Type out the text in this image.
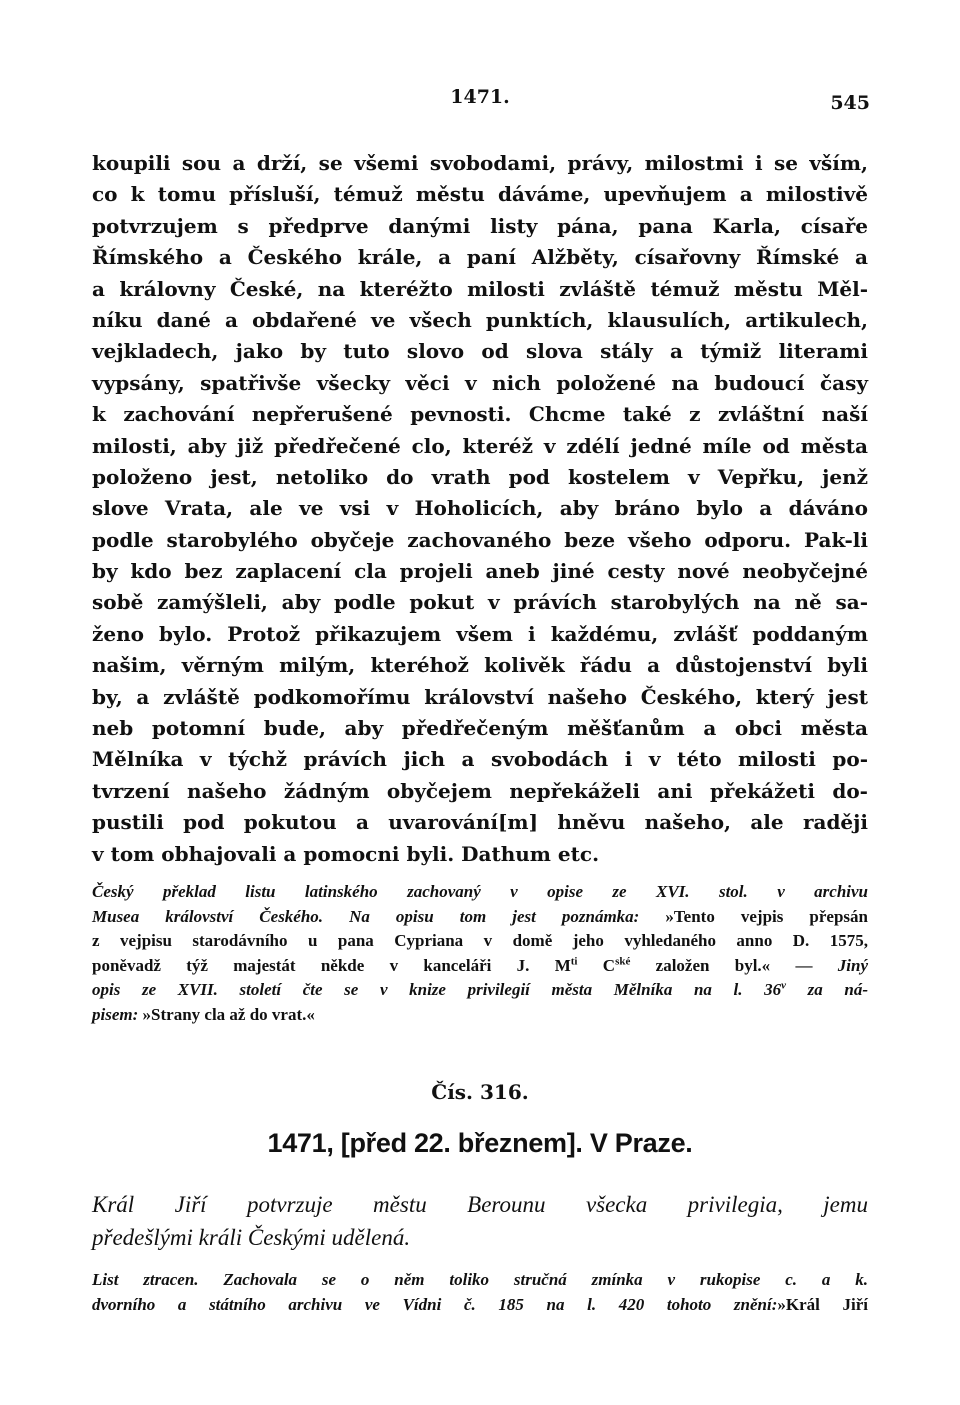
1471.	545
koupili sou a drží, se všemi svobodami, právy, milostmi i se vším,
co k tomu přísluší, témuž městu dáváme, upevňujem a milostivě
potvrzujem s předprve danými listy pána, pana Karla, císaře
Římského a Českého krále, a paní Alžběty, císařovny Římské a
a královny České, na kteréžto milosti zvláště témuž městu Měl-
níku dané a obdařené ve všech punktích, klausulích, artikulech,
vejkladech, jako by tuto slovo od slova stály a týmiž literami
vypsány, spatřivše všecky věci v nich položené na budoucí časy
k zachování nepřerušené pevnosti. Chcme také z zvláštní naší
milosti, aby již předřečené clo, kteréž v zdélí jedné míle od města
položeno jest, netoliko do vrath pod kostelem v Vepřku, jenž
slove Vrata, ale ve vsi v Hoholicích, aby bráno bylo a dáváno
podle starobylého obyčeje zachovaného beze všeho odporu. Pak-li
by kdo bez zaplacení cla projeli aneb jiné cesty nové neobyčejné
sobě zamýšleli, aby podle pokut v právích starobylých na ně sa-
ženo bylo. Protož přikazujem všem i každému, zvlášť poddaným
našim, věrným milým, kteréhož kolivěk řádu a důstojenství byli
by, a zvláště podkomořímu království našeho Českého, který jest
neb potomní bude, aby předřečeným měšťanům a obci města
Mělníka v týchž právích jich a svobodách i v této milosti po-
tvrzení našeho žádným obyčejem nepřekáželi ani překážeti do-
pustili pod pokutou a uvarování[m] hněvu našeho, ale raději
v tom obhajovali a pomocni byli. Dathum etc.
Český překlad listu latinského zachovaný v opise ze XVI. stol. v archivu
Musea království Českého. Na opisu tom jest poznámka: »Tento vejpis přepsán
z vejpisu starodávního u pana Cypriana v domě jeho vyhledaného anno D. 1575,
poněvadž týž majestát někde v kanceláři J. $M^{ti}$ $C^{ské}$ založen byl.« — Jiný
opis ze XVII. století čte se v knize privilegií města Mělníka na l. 36$^v$ za ná-
pisem: »Strany cla až do vrat.«
Čís. 316.
1471, [před 22. březnem]. V Praze.
Král Jiří potvrzuje městu Berounu všecka privilegia, jemu
předešlými králi Českými udělená.
List ztracen. Zachovala se o něm toliko stručná zmínka v rukopise c. a k.
dvorního a státního archivu ve Vídni č. 185 na l. 420 tohoto znění:»Král Jiří
